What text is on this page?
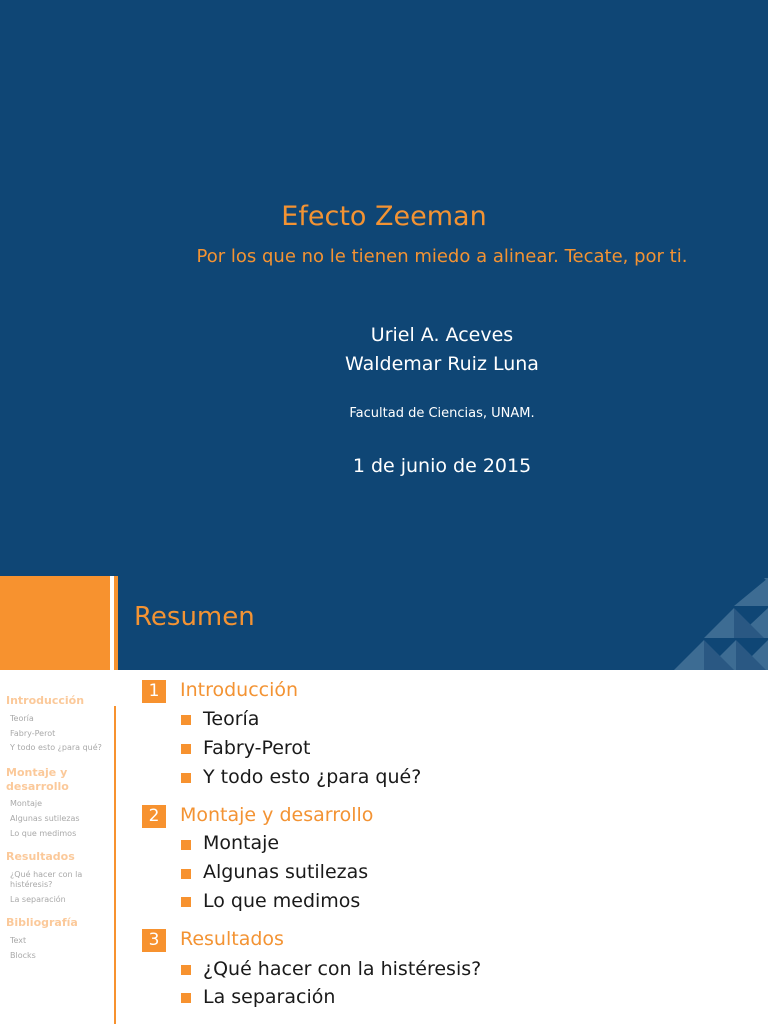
Efecto Zeeman
Por los que no le tienen miedo a alinear. Tecate, por ti.
Uriel A. Aceves
Waldemar Ruiz Luna
Facultad de Ciencias, UNAM.
1 de junio de 2015
Resumen
Introducción
Teoría
Fabry-Perot
Y todo esto ¿para qué?
Montaje y desarrollo
Montaje
Algunas sutilezas
Lo que medimos
Resultados
¿Qué hacer con la histéresis?
La separación
Bibliografía
Text
Blocks
1	Introducción
Teoría
Fabry-Perot
Y todo esto ¿para qué?
2	Montaje y desarrollo
Montaje
Algunas sutilezas
Lo que medimos
3	Resultados
¿Qué hacer con la histéresis?
La separación
